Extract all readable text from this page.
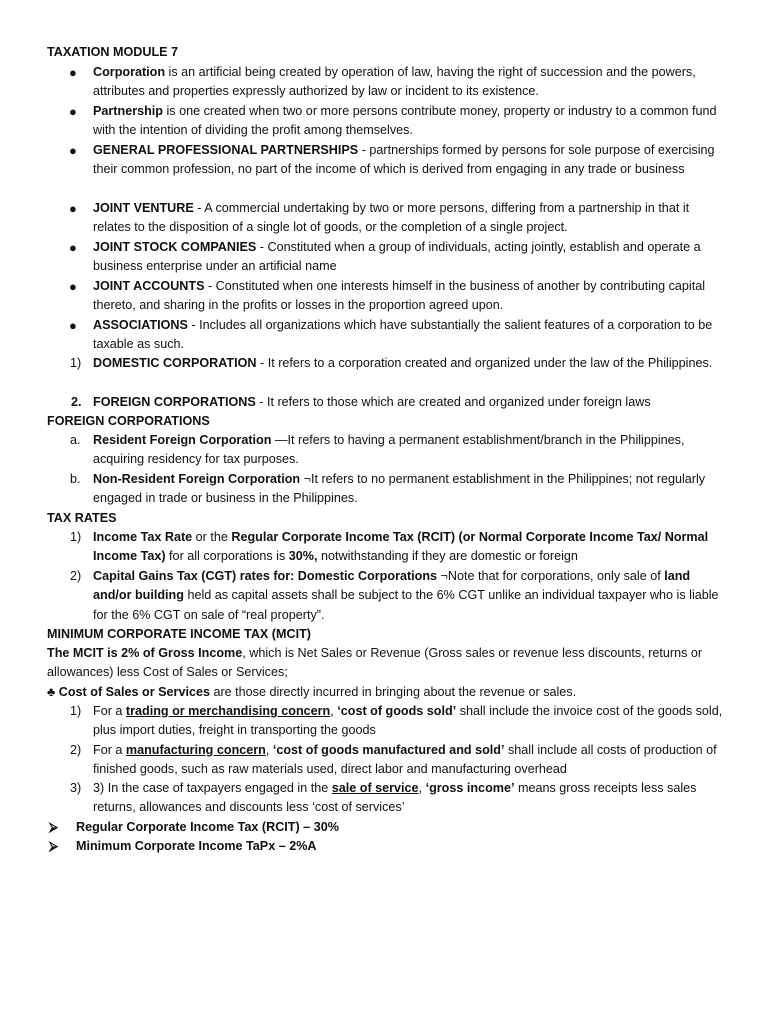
TAXATION MODULE 7
●	Corporation is an artificial being created by operation of law, having the right of succession and the powers, attributes and properties expressly authorized by law or incident to its existence.
●	Partnership is one created when two or more persons contribute money, property or industry to a common fund with the intention of dividing the profit among themselves.
●	GENERAL PROFESSIONAL PARTNERSHIPS - partnerships formed by persons for sole purpose of exercising their common profession, no part of the income of which is derived from engaging in any trade or business
●	JOINT VENTURE - A commercial undertaking by two or more persons, differing from a partnership in that it relates to the disposition of a single lot of goods, or the completion of a single project.
●	JOINT STOCK COMPANIES - Constituted when a group of individuals, acting jointly, establish and operate a business enterprise under an artificial name
●	JOINT ACCOUNTS - Constituted when one interests himself in the business of another by contributing capital thereto, and sharing in the profits or losses in the proportion agreed upon.
●	ASSOCIATIONS - Includes all organizations which have substantially the salient features of a corporation to be taxable as such.
1) DOMESTIC CORPORATION - It refers to a corporation created and organized under the law of the Philippines.
2. FOREIGN CORPORATIONS - It refers to those which are created and organized under foreign laws
FOREIGN CORPORATIONS
a. Resident Foreign Corporation —It refers to having a permanent establishment/branch in the Philippines, acquiring residency for tax purposes.
b. Non-Resident Foreign Corporation ¬It refers to no permanent establishment in the Philippines; not regularly engaged in trade or business in the Philippines.
TAX RATES
1) Income Tax Rate or the Regular Corporate Income Tax (RCIT) (or Normal Corporate Income Tax/ Normal Income Tax) for all corporations is 30%, notwithstanding if they are domestic or foreign
2) Capital Gains Tax (CGT) rates for: Domestic Corporations ¬Note that for corporations, only sale of land and/or building held as capital assets shall be subject to the 6% CGT unlike an individual taxpayer who is liable for the 6% CGT on sale of “real property”.
MINIMUM CORPORATE INCOME TAX (MCIT)
The MCIT is 2% of Gross Income, which is Net Sales or Revenue (Gross sales or revenue less discounts, returns or allowances) less Cost of Sales or Services;
♣ Cost of Sales or Services are those directly incurred in bringing about the revenue or sales.
1) For a trading or merchandising concern, ‘cost of goods sold’ shall include the invoice cost of the goods sold, plus import duties, freight in transporting the goods
2) For a manufacturing concern, ‘cost of goods manufactured and sold’ shall include all costs of production of finished goods, such as raw materials used, direct labor and manufacturing overhead
3) 3) In the case of taxpayers engaged in the sale of service, ‘gross income’ means gross receipts less sales returns, allowances and discounts less ‘cost of services’
⮚	Regular Corporate Income Tax (RCIT) – 30%
⮚	Minimum Corporate Income TaPx – 2%A
